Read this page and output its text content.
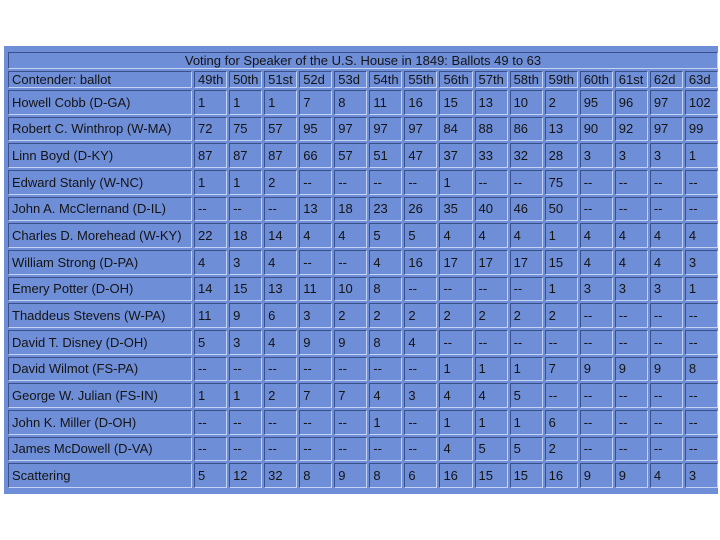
Voting for Speaker of the U.S. House in 1849: Ballots 49 to 63															
Contender: ballot	49th	50th	51st	52d	53d	54th	55th	56th	57th	58th	59th	60th	61st	62d	63d
Howell Cobb (D-GA)	1	1	1	7	8	11	16	15	13	10	2	95	96	97	102
Robert C. Winthrop (W-MA)	72	75	57	95	97	97	97	84	88	86	13	90	92	97	99
Linn Boyd (D-KY)	87	87	87	66	57	51	47	37	33	32	28	3	3	3	1
Edward Stanly (W-NC)	1	1	2	--	--	--	--	1	--	--	75	--	--	--	--
John A. McClernand (D-IL)	--	--	--	13	18	23	26	35	40	46	50	--	--	--	--
Charles D. Morehead (W-KY)	22	18	14	4	4	5	5	4	4	4	1	4	4	4	4
William Strong (D-PA)	4	3	4	--	--	4	16	17	17	17	15	4	4	4	3
Emery Potter (D-OH)	14	15	13	11	10	8	--	--	--	--	1	3	3	3	1
Thaddeus Stevens (W-PA)	11	9	6	3	2	2	2	2	2	2	2	--	--	--	--
David T. Disney (D-OH)	5	3	4	9	9	8	4	--	--	--	--	--	--	--	--
David Wilmot (FS-PA)	--	--	--	--	--	--	--	1	1	1	7	9	9	9	8
George W. Julian (FS-IN)	1	1	2	7	7	4	3	4	4	5	--	--	--	--	--
John K. Miller (D-OH)	--	--	--	--	--	1	--	1	1	1	6	--	--	--	--
James McDowell (D-VA)	--	--	--	--	--	--	--	4	5	5	2	--	--	--	--
Scattering	5	12	32	8	9	8	6	16	15	15	16	9	9	4	3
